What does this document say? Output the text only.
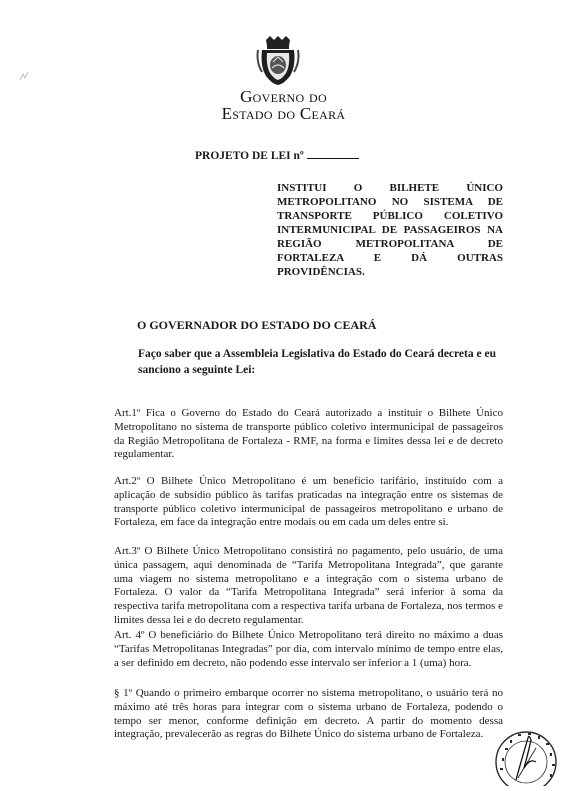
Governo do
Estado do Ceará
PROJETO DE LEI nº
INSTITUI O BILHETE ÚNICO METROPOLITANO NO SISTEMA DE TRANSPORTE PÚBLICO COLETIVO INTERMUNICIPAL DE PASSAGEIROS NA REGIÃO METROPOLITANA DE FORTALEZA E DÁ OUTRAS PROVIDÊNCIAS.
O GOVERNADOR DO ESTADO DO CEARÁ
Faço saber que a Assembleia Legislativa do Estado do Ceará decreta e eu sanciono a seguinte Lei:
Art.1º Fica o Governo do Estado do Ceará autorizado a instituir o Bilhete Único Metropolitano no sistema de transporte público coletivo intermunicipal de passageiros da Região Metropolitana de Fortaleza - RMF, na forma e limites dessa lei e de decreto regulamentar.
Art.2º O Bilhete Único Metropolitano é um benefício tarifário, instituído com a aplicação de subsídio público às tarifas praticadas na integração entre os sistemas de transporte público coletivo intermunicipal de passageiros metropolitano e urbano de Fortaleza, em face da integração entre modais ou em cada um deles entre si.
Art.3º O Bilhete Único Metropolitano consistirá no pagamento, pelo usuário, de uma única passagem, aqui denominada de “Tarifa Metropolitana Integrada”, que garante uma viagem no sistema metropolitano e a integração com o sistema urbano de Fortaleza. O valor da “Tarifa Metropolitana Integrada” será inferior à soma da respectiva tarifa metropolitana com a respectiva tarifa urbana de Fortaleza, nos termos e limites dessa lei e do decreto regulamentar.
Art. 4º O beneficiário do Bilhete Único Metropolitano terá direito no máximo a duas “Tarifas Metropolitanas Integradas” por dia, com intervalo mínimo de tempo entre elas, a ser definido em decreto, não podendo esse intervalo ser inferior a 1 (uma) hora.
§ 1º Quando o primeiro embarque ocorrer no sistema metropolitano, o usuário terá no máximo até três horas para integrar com o sistema urbano de Fortaleza, podendo o tempo ser menor, conforme definição em decreto. A partir do momento dessa integração, prevalecerão as regras do Bilhete Único do sistema urbano de Fortaleza.
